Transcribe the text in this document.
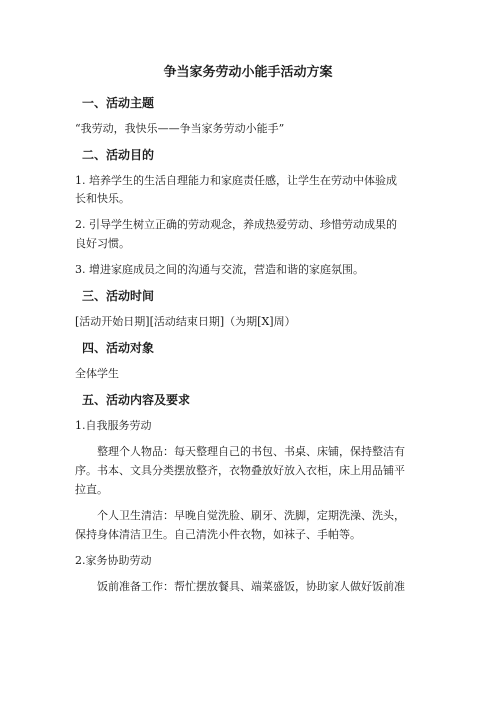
争当家务劳动小能手活动方案
一、活动主题
“我劳动，我快乐——争当家务劳动小能手”
二、活动目的
1. 培养学生的生活自理能力和家庭责任感，让学生在劳动中体验成
长和快乐。
2. 引导学生树立正确的劳动观念，养成热爱劳动、珍惜劳动成果的
良好习惯。
3. 增进家庭成员之间的沟通与交流，营造和谐的家庭氛围。
三、活动时间
[活动开始日期][活动结束日期]（为期[X]周）
四、活动对象
全体学生
五、活动内容及要求
1.自我服务劳动
整理个人物品：每天整理自己的书包、书桌、床铺，保持整洁有
序。书本、文具分类摆放整齐，衣物叠放好放入衣柜，床上用品铺平
拉直。
个人卫生清洁：早晚自觉洗脸、刷牙、洗脚，定期洗澡、洗头，
保持身体清洁卫生。自己清洗小件衣物，如袜子、手帕等。
2.家务协助劳动
饭前准备工作：帮忙摆放餐具、端菜盛饭，协助家人做好饭前准
